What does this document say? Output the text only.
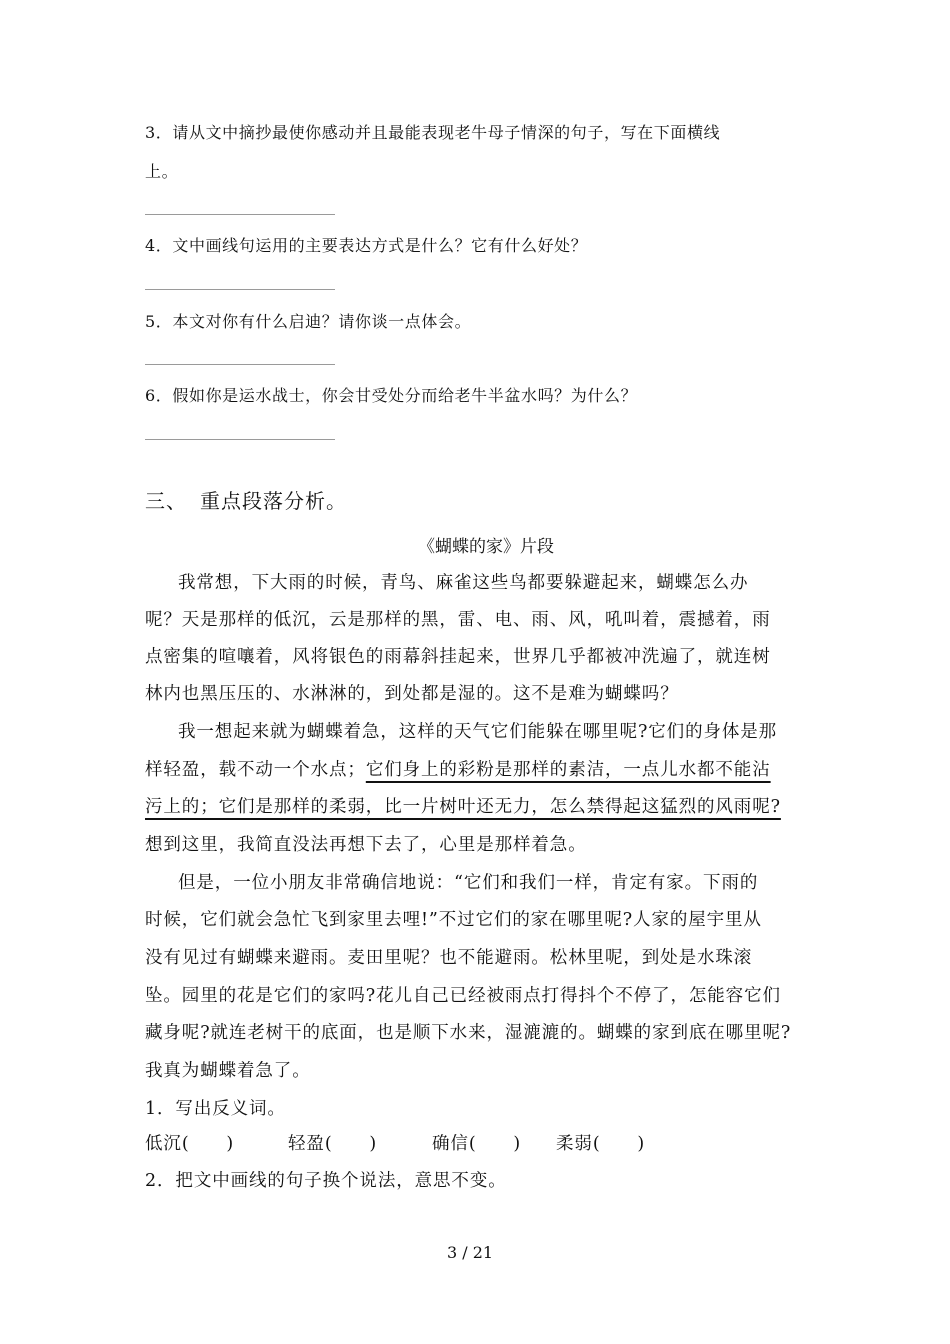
3．请从文中摘抄最使你感动并且最能表现老牛母子情深的句子，写在下面横线
上。
4．文中画线句运用的主要表达方式是什么？它有什么好处？
5．本文对你有什么启迪？请你谈一点体会。
6．假如你是运水战士，你会甘受处分而给老牛半盆水吗？为什么？
三、 重点段落分析。
《蝴蝶的家》片段
我常想，下大雨的时候，青鸟、麻雀这些鸟都要躲避起来，蝴蝶怎么办
呢？天是那样的低沉，云是那样的黑，雷、电、雨、风，吼叫着，震撼着，雨
点密集的喧嚷着，风将银色的雨幕斜挂起来，世界几乎都被冲洗遍了，就连树
林内也黑压压的、水淋淋的，到处都是湿的。这不是难为蝴蝶吗？
我一想起来就为蝴蝶着急，这样的天气它们能躲在哪里呢?它们的身体是那
样轻盈，载不动一个水点；它们身上的彩粉是那样的素洁，一点儿水都不能沾
污上的；它们是那样的柔弱，比一片树叶还无力，怎么禁得起这猛烈的风雨呢?
想到这里，我简直没法再想下去了，心里是那样着急。
但是，一位小朋友非常确信地说：“它们和我们一样，肯定有家。下雨的
时候，它们就会急忙飞到家里去哩!”不过它们的家在哪里呢?人家的屋宇里从
没有见过有蝴蝶来避雨。麦田里呢？也不能避雨。松林里呢，到处是水珠滚
坠。园里的花是它们的家吗?花儿自己已经被雨点打得抖个不停了，怎能容它们
藏身呢?就连老树干的底面，也是顺下水来，湿漉漉的。蝴蝶的家到底在哪里呢?
我真为蝴蝶着急了。
1．写出反义词。
低沉(　　)	轻盈(　　)	确信(　　) 柔弱(　　)
2．把文中画线的句子换个说法，意思不变。
3 / 21
